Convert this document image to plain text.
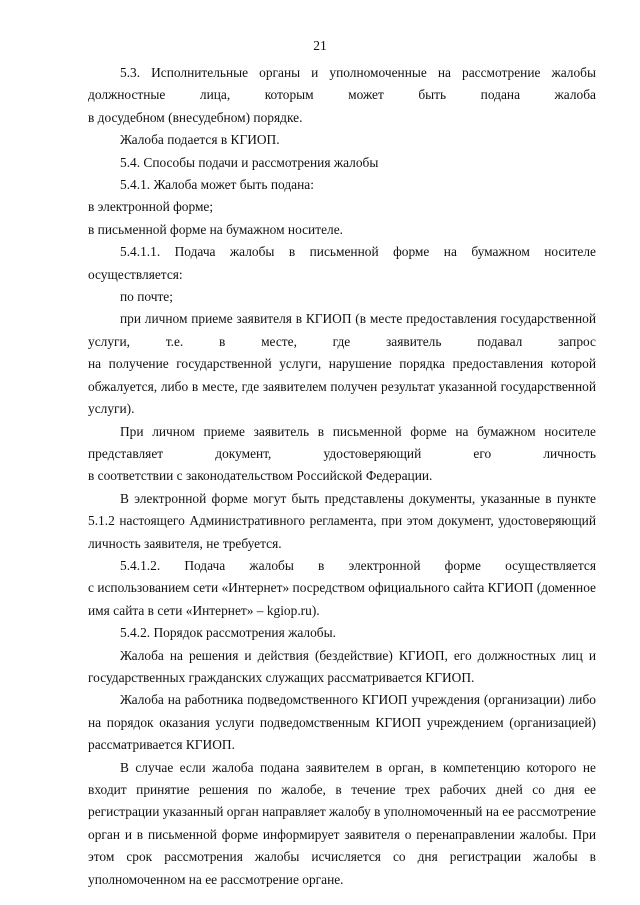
21

5.3. Исполнительные органы и уполномоченные на рассмотрение жалобы

должностные лица, которым может быть подана жалоба

в досудебном (внесудебном) порядке.

Жалоба подается в КГИОП.

5.4. Способы подачи и рассмотрения жалобы

5.4.1. Жалоба может быть подана:

в электронной форме;

в письменной форме на бумажном носителе.

5.4.1.1. Подача жалобы в письменной форме на бумажном носителе осуществляется:

по почте;

при личном приеме заявителя в КГИОП (в месте предоставления государственной

услуги, т.е. в месте, где заявитель подавал запрос

на получение государственной услуги, нарушение порядка предоставления которой обжалуется, либо в месте, где заявителем получен результат указанной государственной услуги).

При личном приеме заявитель в письменной форме на бумажном носителе

представляет документ, удостоверяющий его личность

в соответствии с законодательством Российской Федерации.

В электронной форме могут быть представлены документы, указанные в пункте 5.1.2 настоящего Административного регламента, при этом документ, удостоверяющий личность заявителя, не требуется.

5.4.1.2. Подача жалобы в электронной форме осуществляется

с использованием сети «Интернет» посредством официального сайта КГИОП (доменное имя сайта в сети «Интернет» – kgiop.ru).

5.4.2. Порядок рассмотрения жалобы.

Жалоба на решения и действия (бездействие) КГИОП, его должностных лиц и государственных гражданских служащих рассматривается КГИОП.

Жалоба на работника подведомственного КГИОП учреждения (организации) либо на порядок оказания услуги подведомственным КГИОП учреждением (организацией) рассматривается КГИОП.

В случае если жалоба подана заявителем в орган, в компетенцию которого не входит принятие решения по жалобе, в течение трех рабочих дней со дня ее регистрации указанный орган направляет жалобу в уполномоченный на ее рассмотрение орган и в письменной форме информирует заявителя о перенаправлении жалобы. При этом срок рассмотрения жалобы исчисляется со дня регистрации жалобы в уполномоченном на ее рассмотрение органе.
